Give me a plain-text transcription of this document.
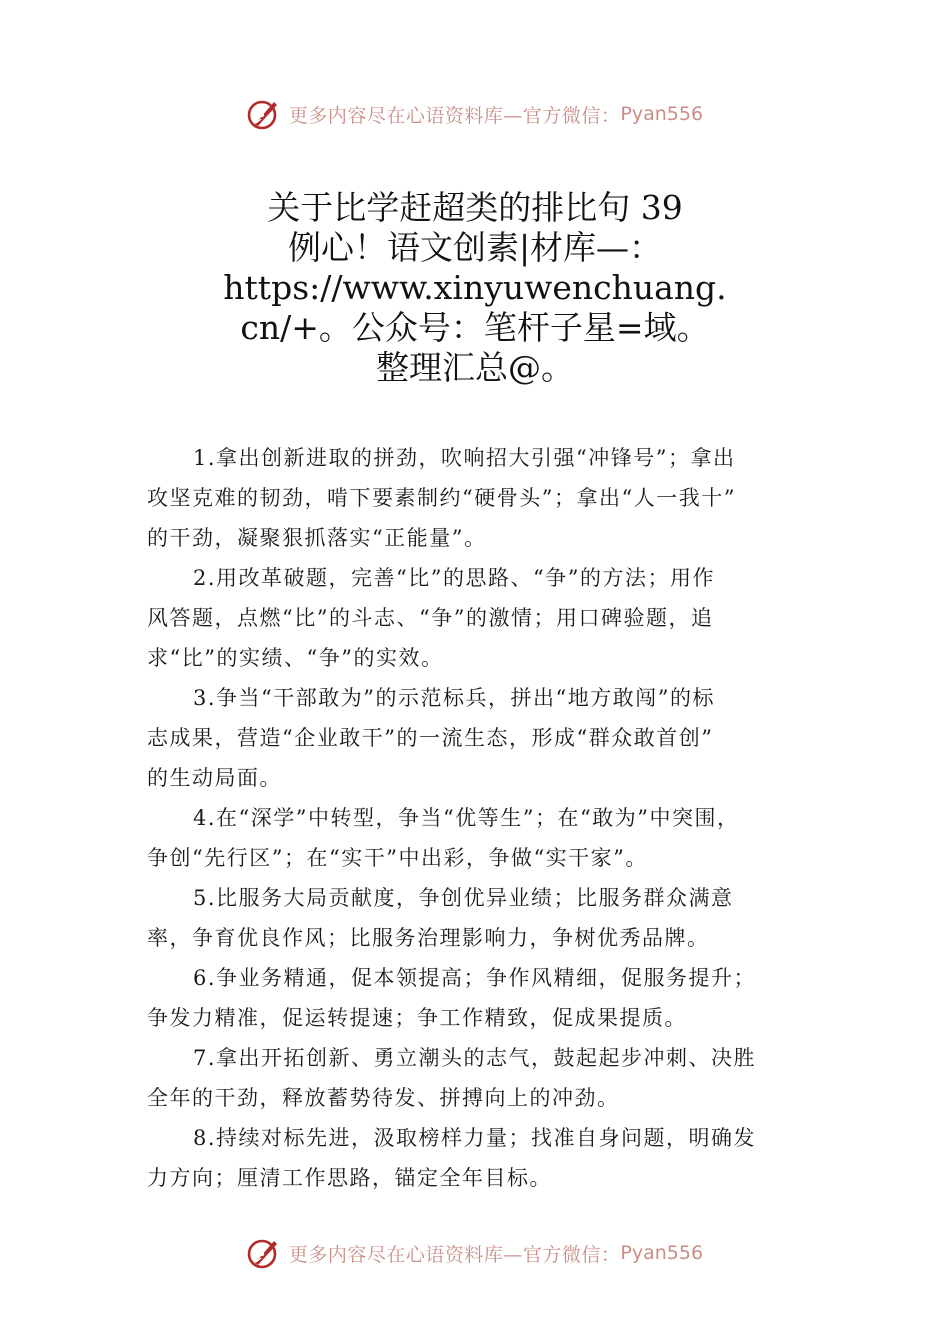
更多内容尽在心语资料库—官方微信： Pyan556
关于比学赶超类的排比句 39
例心！语文创素|材库—：
https://www.xinyuwenchuang.
cn/+。公众号：笔杆子星=域。
整理汇总@。
1.拿出创新进取的拼劲，吹响招大引强“冲锋号”；拿出
攻坚克难的韧劲，啃下要素制约“硬骨头”；拿出“人一我十”
的干劲，凝聚狠抓落实“正能量”。
2.用改革破题，完善“比”的思路、“争”的方法；用作
风答题，点燃“比”的斗志、“争”的激情；用口碑验题，追
求“比”的实绩、“争”的实效。
3.争当“干部敢为”的示范标兵，拼出“地方敢闯”的标
志成果，营造“企业敢干”的一流生态，形成“群众敢首创”
的生动局面。
4.在“深学”中转型，争当“优等生”；在“敢为”中突围，
争创“先行区”；在“实干”中出彩，争做“实干家”。
5.比服务大局贡献度，争创优异业绩；比服务群众满意
率，争育优良作风；比服务治理影响力，争树优秀品牌。
6.争业务精通，促本领提高；争作风精细，促服务提升；
争发力精准，促运转提速；争工作精致，促成果提质。
7.拿出开拓创新、勇立潮头的志气，鼓起起步冲刺、决胜
全年的干劲，释放蓄势待发、拼搏向上的冲劲。
8.持续对标先进，汲取榜样力量；找准自身问题，明确发
力方向；厘清工作思路，锚定全年目标。
更多内容尽在心语资料库—官方微信： Pyan556
